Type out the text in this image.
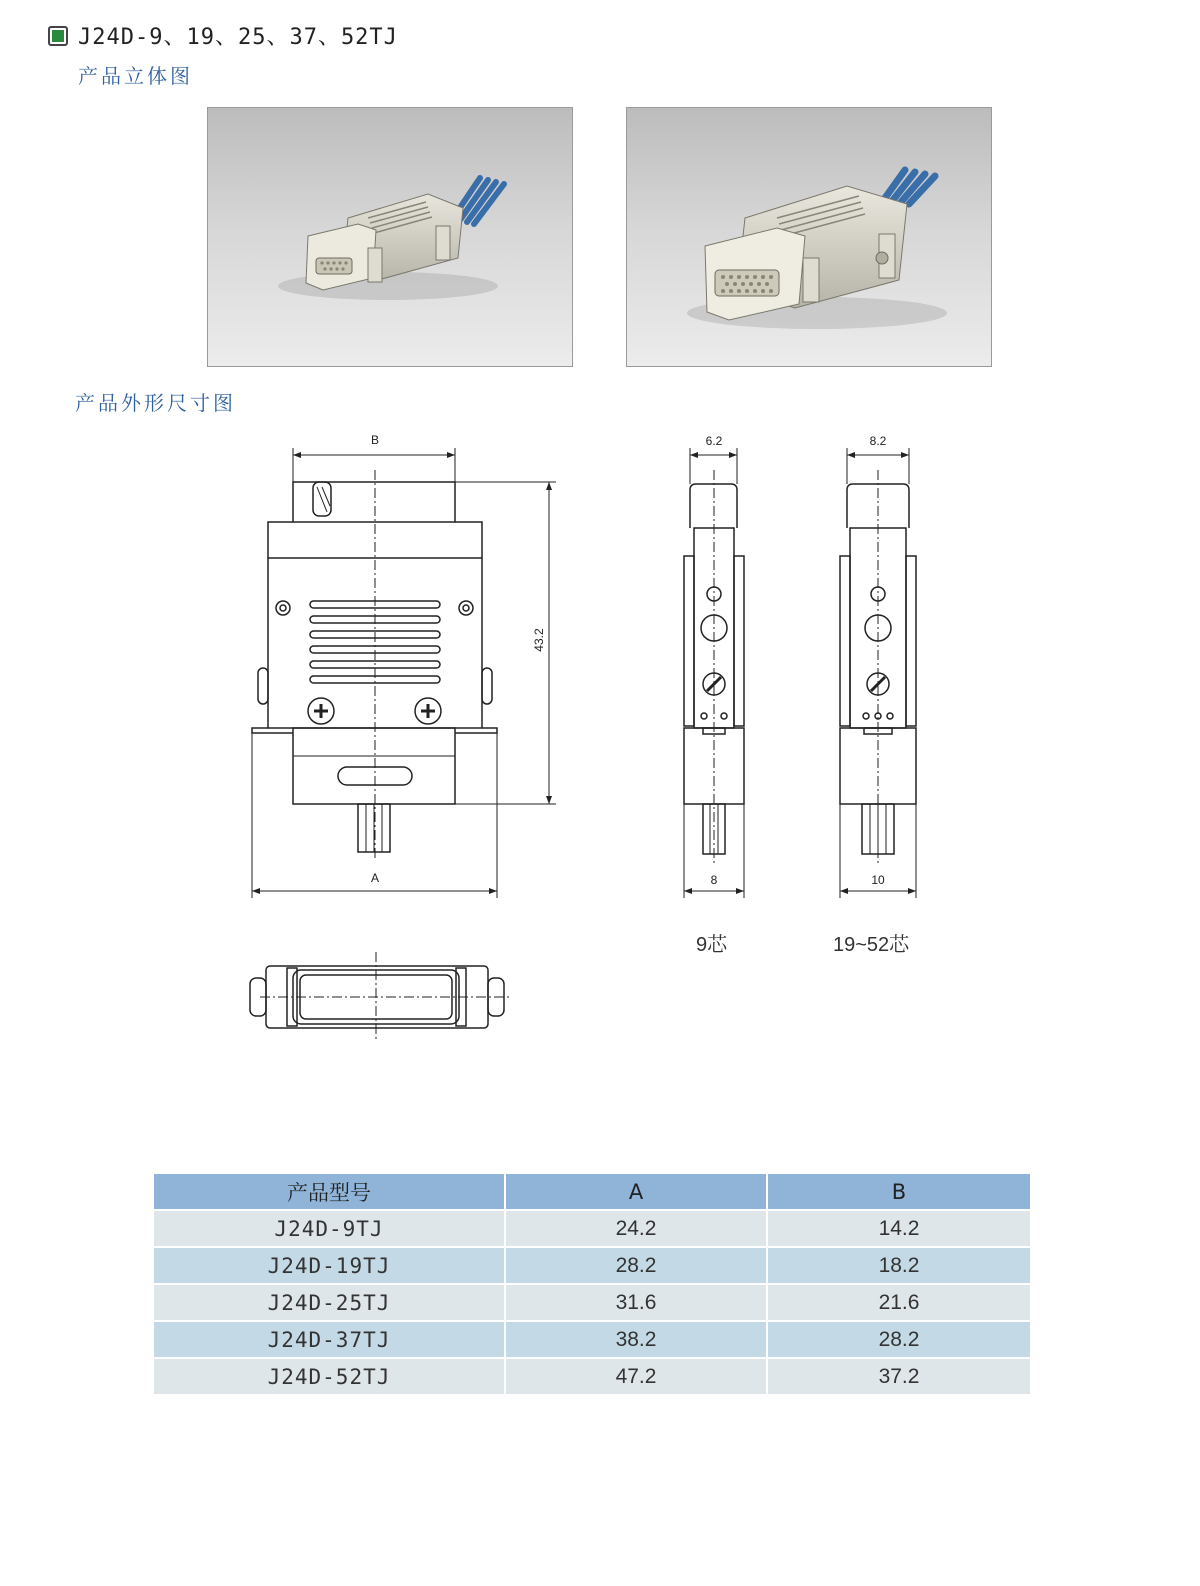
J24D-9、19、25、37、52TJ
产品立体图
产品外形尺寸图
B
A
43.2
6.2
8
8.2
10
9芯	19~52芯
产品型号	A	B
J24D-9TJ	24.2	14.2
J24D-19TJ	28.2	18.2
J24D-25TJ	31.6	21.6
J24D-37TJ	38.2	28.2
J24D-52TJ	47.2	37.2
